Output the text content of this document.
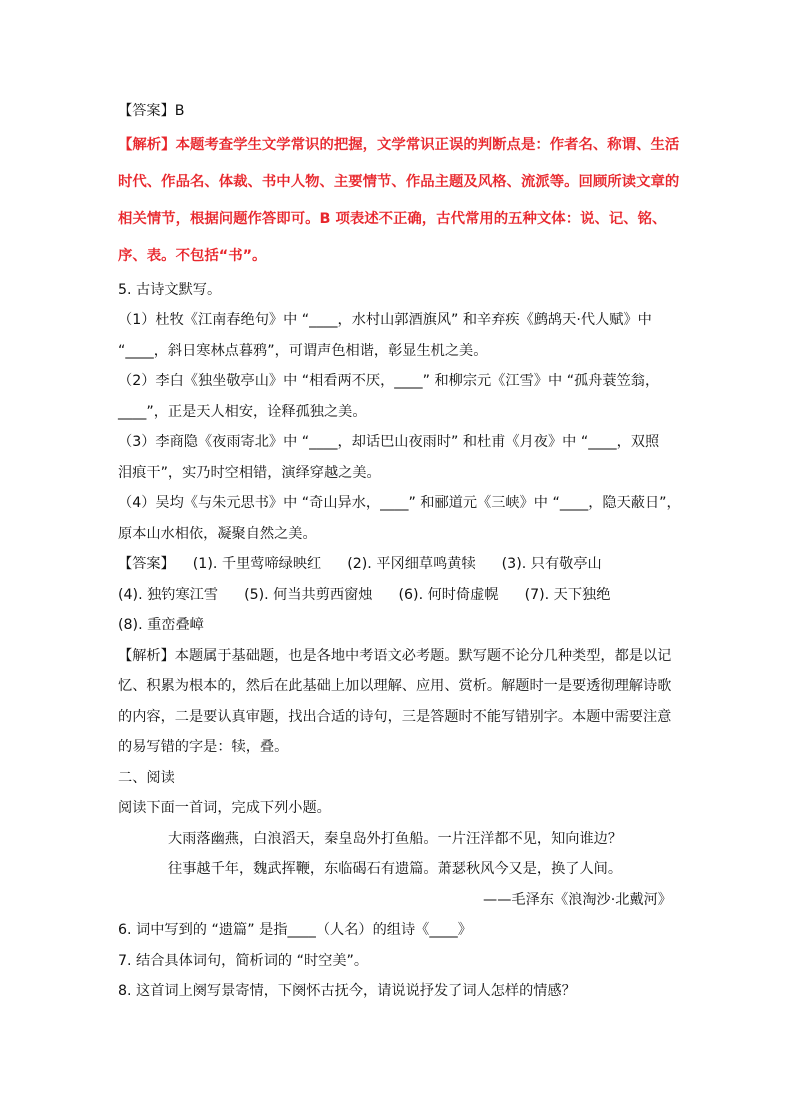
【答案】B
【解析】本题考查学生文学常识的把握，文学常识正误的判断点是：作者名、称谓、生活
时代、作品名、体裁、书中人物、主要情节、作品主题及风格、流派等。回顾所读文章的
相关情节，根据问题作答即可。B 项表述不正确，古代常用的五种文体：说、记、铭、
序、表。不包括“书”。
5. 古诗文默写。
（1）杜牧《江南春绝句》中 “____，水村山郭酒旗风” 和辛弃疾《鹧鸪天·代人赋》中
“____，斜日寒林点暮鸦”，可谓声色相谐，彰显生机之美。
（2）李白《独坐敬亭山》中 “相看两不厌，____” 和柳宗元《江雪》中 “孤舟蓑笠翁，
____”，正是天人相安，诠释孤独之美。
（3）李商隐《夜雨寄北》中 “____，却话巴山夜雨时” 和杜甫《月夜》中 “____，双照
泪痕干”，实乃时空相错，演绎穿越之美。
（4）吴均《与朱元思书》中 “奇山异水，____” 和郦道元《三峡》中 “____，隐天蔽日”，
原本山水相依，凝聚自然之美。
【答案】 (1). 千里莺啼绿映红 (2). 平冈细草鸣黄犊 (3). 只有敬亭山
(4). 独钓寒江雪 (5). 何当共剪西窗烛 (6). 何时倚虚幌 (7). 天下独绝
(8). 重峦叠嶂
【解析】本题属于基础题，也是各地中考语文必考题。默写题不论分几种类型，都是以记
忆、积累为根本的，然后在此基础上加以理解、应用、赏析。解题时一是要透彻理解诗歌
的内容，二是要认真审题，找出合适的诗句，三是答题时不能写错别字。本题中需要注意
的易写错的字是：犊，叠。
二、阅读
阅读下面一首词，完成下列小题。
大雨落幽燕，白浪滔天，秦皇岛外打鱼船。一片汪洋都不见，知向谁边？
往事越千年，魏武挥鞭，东临碣石有遗篇。萧瑟秋风今又是，换了人间。
——毛泽东《浪淘沙·北戴河》
6. 词中写到的 “遗篇” 是指____（人名）的组诗《____》
7. 结合具体词句，简析词的 “时空美”。
8. 这首词上阕写景寄情，下阕怀古抚今，请说说抒发了词人怎样的情感？
